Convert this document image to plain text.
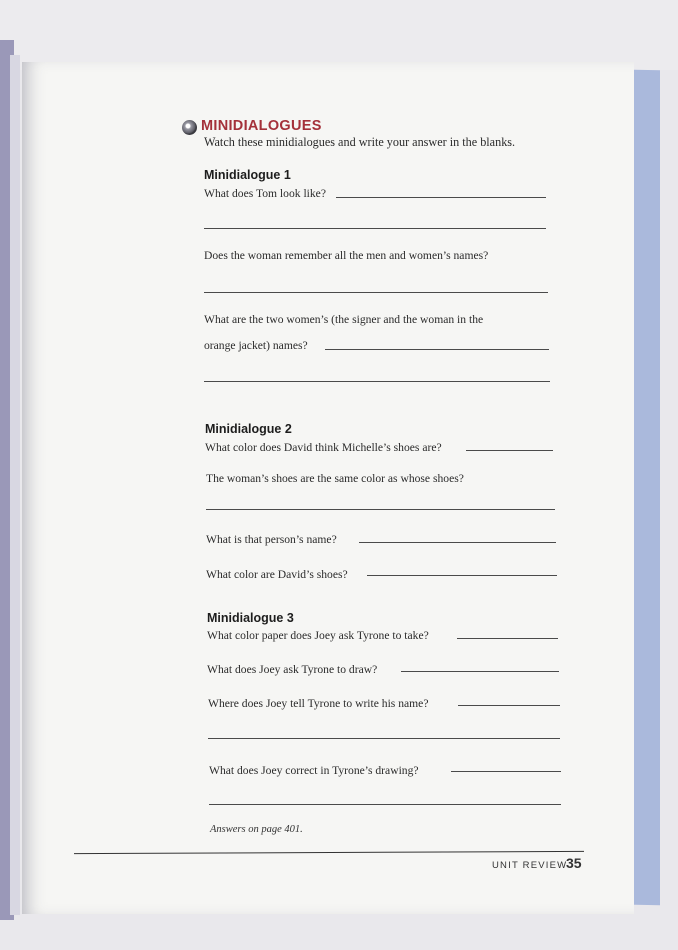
MINIDIALOGUES
Watch these minidialogues and write your answer in the blanks.
Minidialogue 1
What does Tom look like?
Does the woman remember all the men and women’s names?
What are the two women’s (the signer and the woman in the
orange jacket) names?
Minidialogue 2
What color does David think Michelle’s shoes are?
The woman’s shoes are the same color as whose shoes?
What is that person’s name?
What color are David’s shoes?
Minidialogue 3
What color paper does Joey ask Tyrone to take?
What does Joey ask Tyrone to draw?
Where does Joey tell Tyrone to write his name?
What does Joey correct in Tyrone’s drawing?
Answers on page 401.
UNIT REVIEW
35
